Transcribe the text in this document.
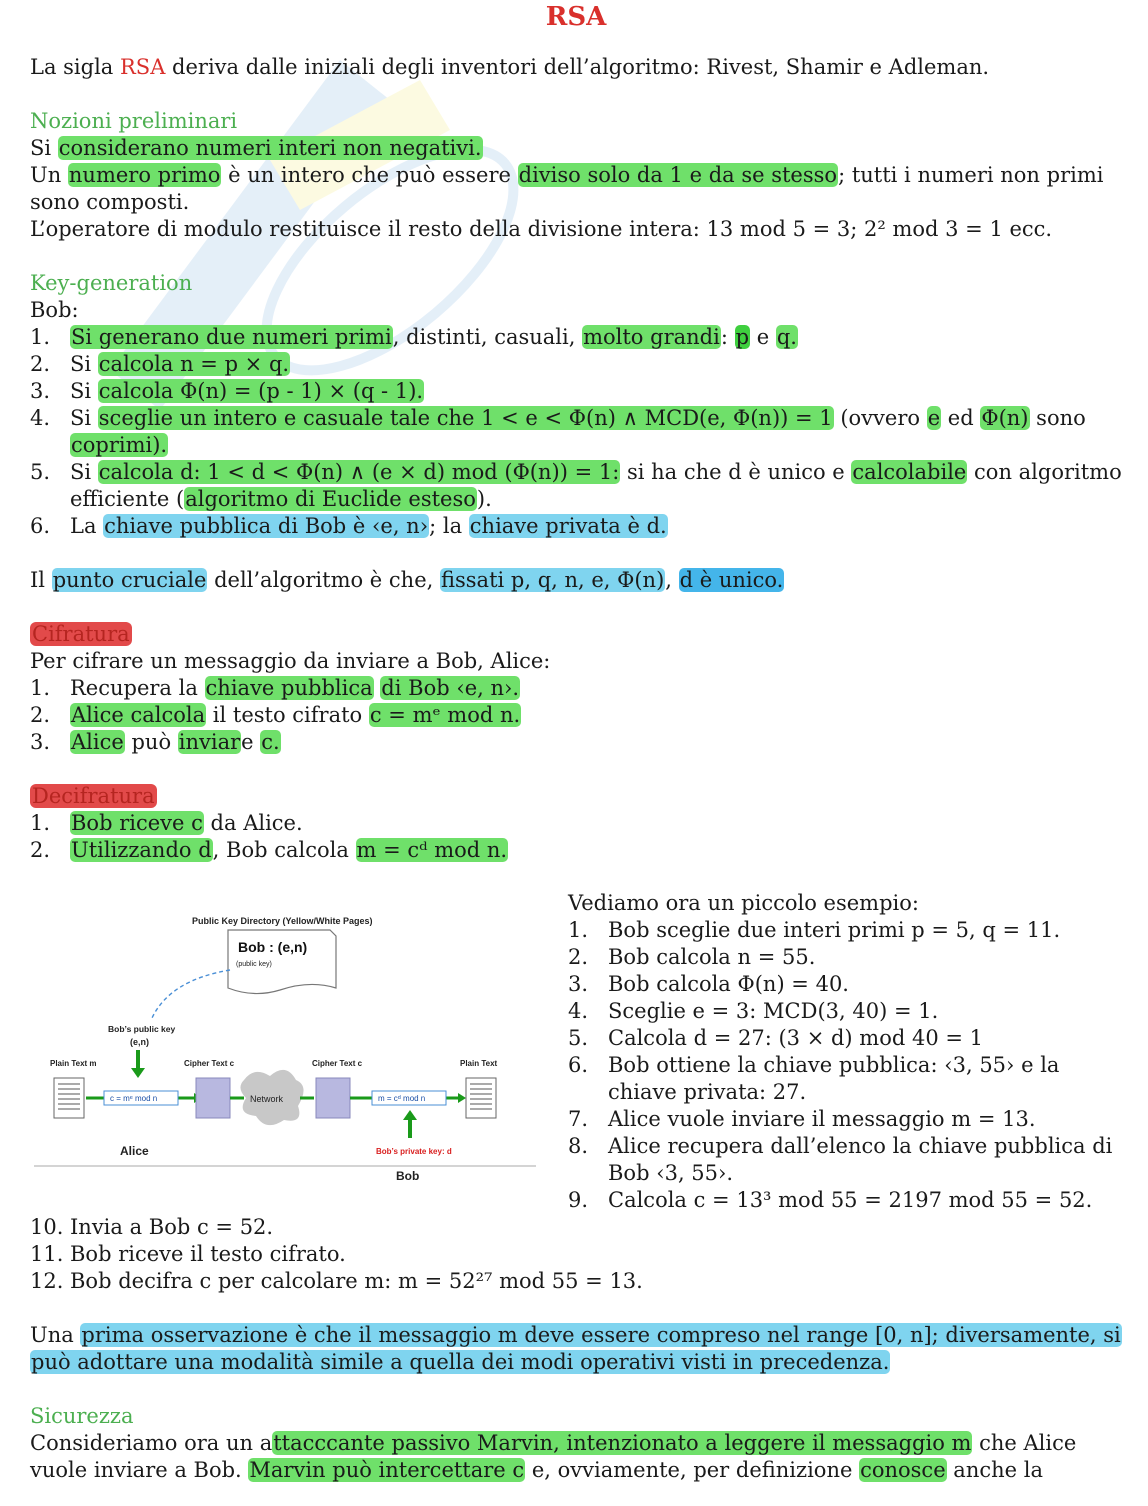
RSA

La sigla RSA deriva dalle iniziali degli inventori dell’algoritmo: Rivest, Shamir e Adleman.

Nozioni preliminari

Si considerano numeri interi non negativi.

Un numero primo è un intero che può essere diviso solo da 1 e da se stesso; tutti i numeri non primi

sono composti.

L’operatore di modulo restituisce il resto della divisione intera: 13 mod 5 = 3; 2² mod 3 = 1 ecc.

Key-generation

Bob:

1. Si generano due numeri primi, distinti, casuali, molto grandi: p e q.
2. Si calcola n = p × q.
3. Si calcola Φ(n) = (p - 1) × (q - 1).
4. Si sceglie un intero e casuale tale che 1 < e < Φ(n) ∧ MCD(e, Φ(n)) = 1 (ovvero e ed Φ(n) sono
coprimi).
5. Si calcola d: 1 < d < Φ(n) ∧ (e × d) mod (Φ(n)) = 1: si ha che d è unico e calcolabile con algoritmo
efficiente (algoritmo di Euclide esteso).
6. La chiave pubblica di Bob è ‹e, n›; la chiave privata è d.

Il punto cruciale dell’algoritmo è che, fissati p, q, n, e, Φ(n), d è unico.

Cifratura

Per cifrare un messaggio da inviare a Bob, Alice:

1. Recupera la chiave pubblica di Bob ‹e, n›.
2. Alice calcola il testo cifrato c = mᵉ mod n.
3. Alice può inviare c.

Decifratura

1. Bob riceve c da Alice.
2. Utilizzando d, Bob calcola m = cᵈ mod n.
Public Key Directory (Yellow/White Pages)
Bob : (e,n)
(public key)
Bob’s public key
(e,n)
Plain Text m
c = mᵉ mod n
Cipher Text c
Network
Cipher Text c
m = cᵈ mod n
Plain Text
Alice	Bob’s private key: d
Bob

Vediamo ora un piccolo esempio:

1. Bob sceglie due interi primi p = 5, q = 11.
2. Bob calcola n = 55.
3. Bob calcola Φ(n) = 40.
4. Sceglie e = 3: MCD(3, 40) = 1.
5. Calcola d = 27: (3 × d) mod 40 = 1
6. Bob ottiene la chiave pubblica: ‹3, 55› e la chiave privata: 27.
7. Alice vuole inviare il messaggio m = 13.
8. Alice recupera dall’elenco la chiave pubblica di Bob ‹3, 55›.
9. Calcola c = 13³ mod 55 = 2197 mod 55 = 52.
10. Invia a Bob c = 52.
11. Bob riceve il testo cifrato.
12. Bob decifra c per calcolare m: m = 52²⁷ mod 55 = 13.

Una prima osservazione è che il messaggio m deve essere compreso nel range [0, n]; diversamente, si
può adottare una modalità simile a quella dei modi operativi visti in precedenza.

Sicurezza

Consideriamo ora un attacccante passivo Marvin, intenzionato a leggere il messaggio m che Alice

vuole inviare a Bob. Marvin può intercettare c e, ovviamente, per definizione conosce anche la
